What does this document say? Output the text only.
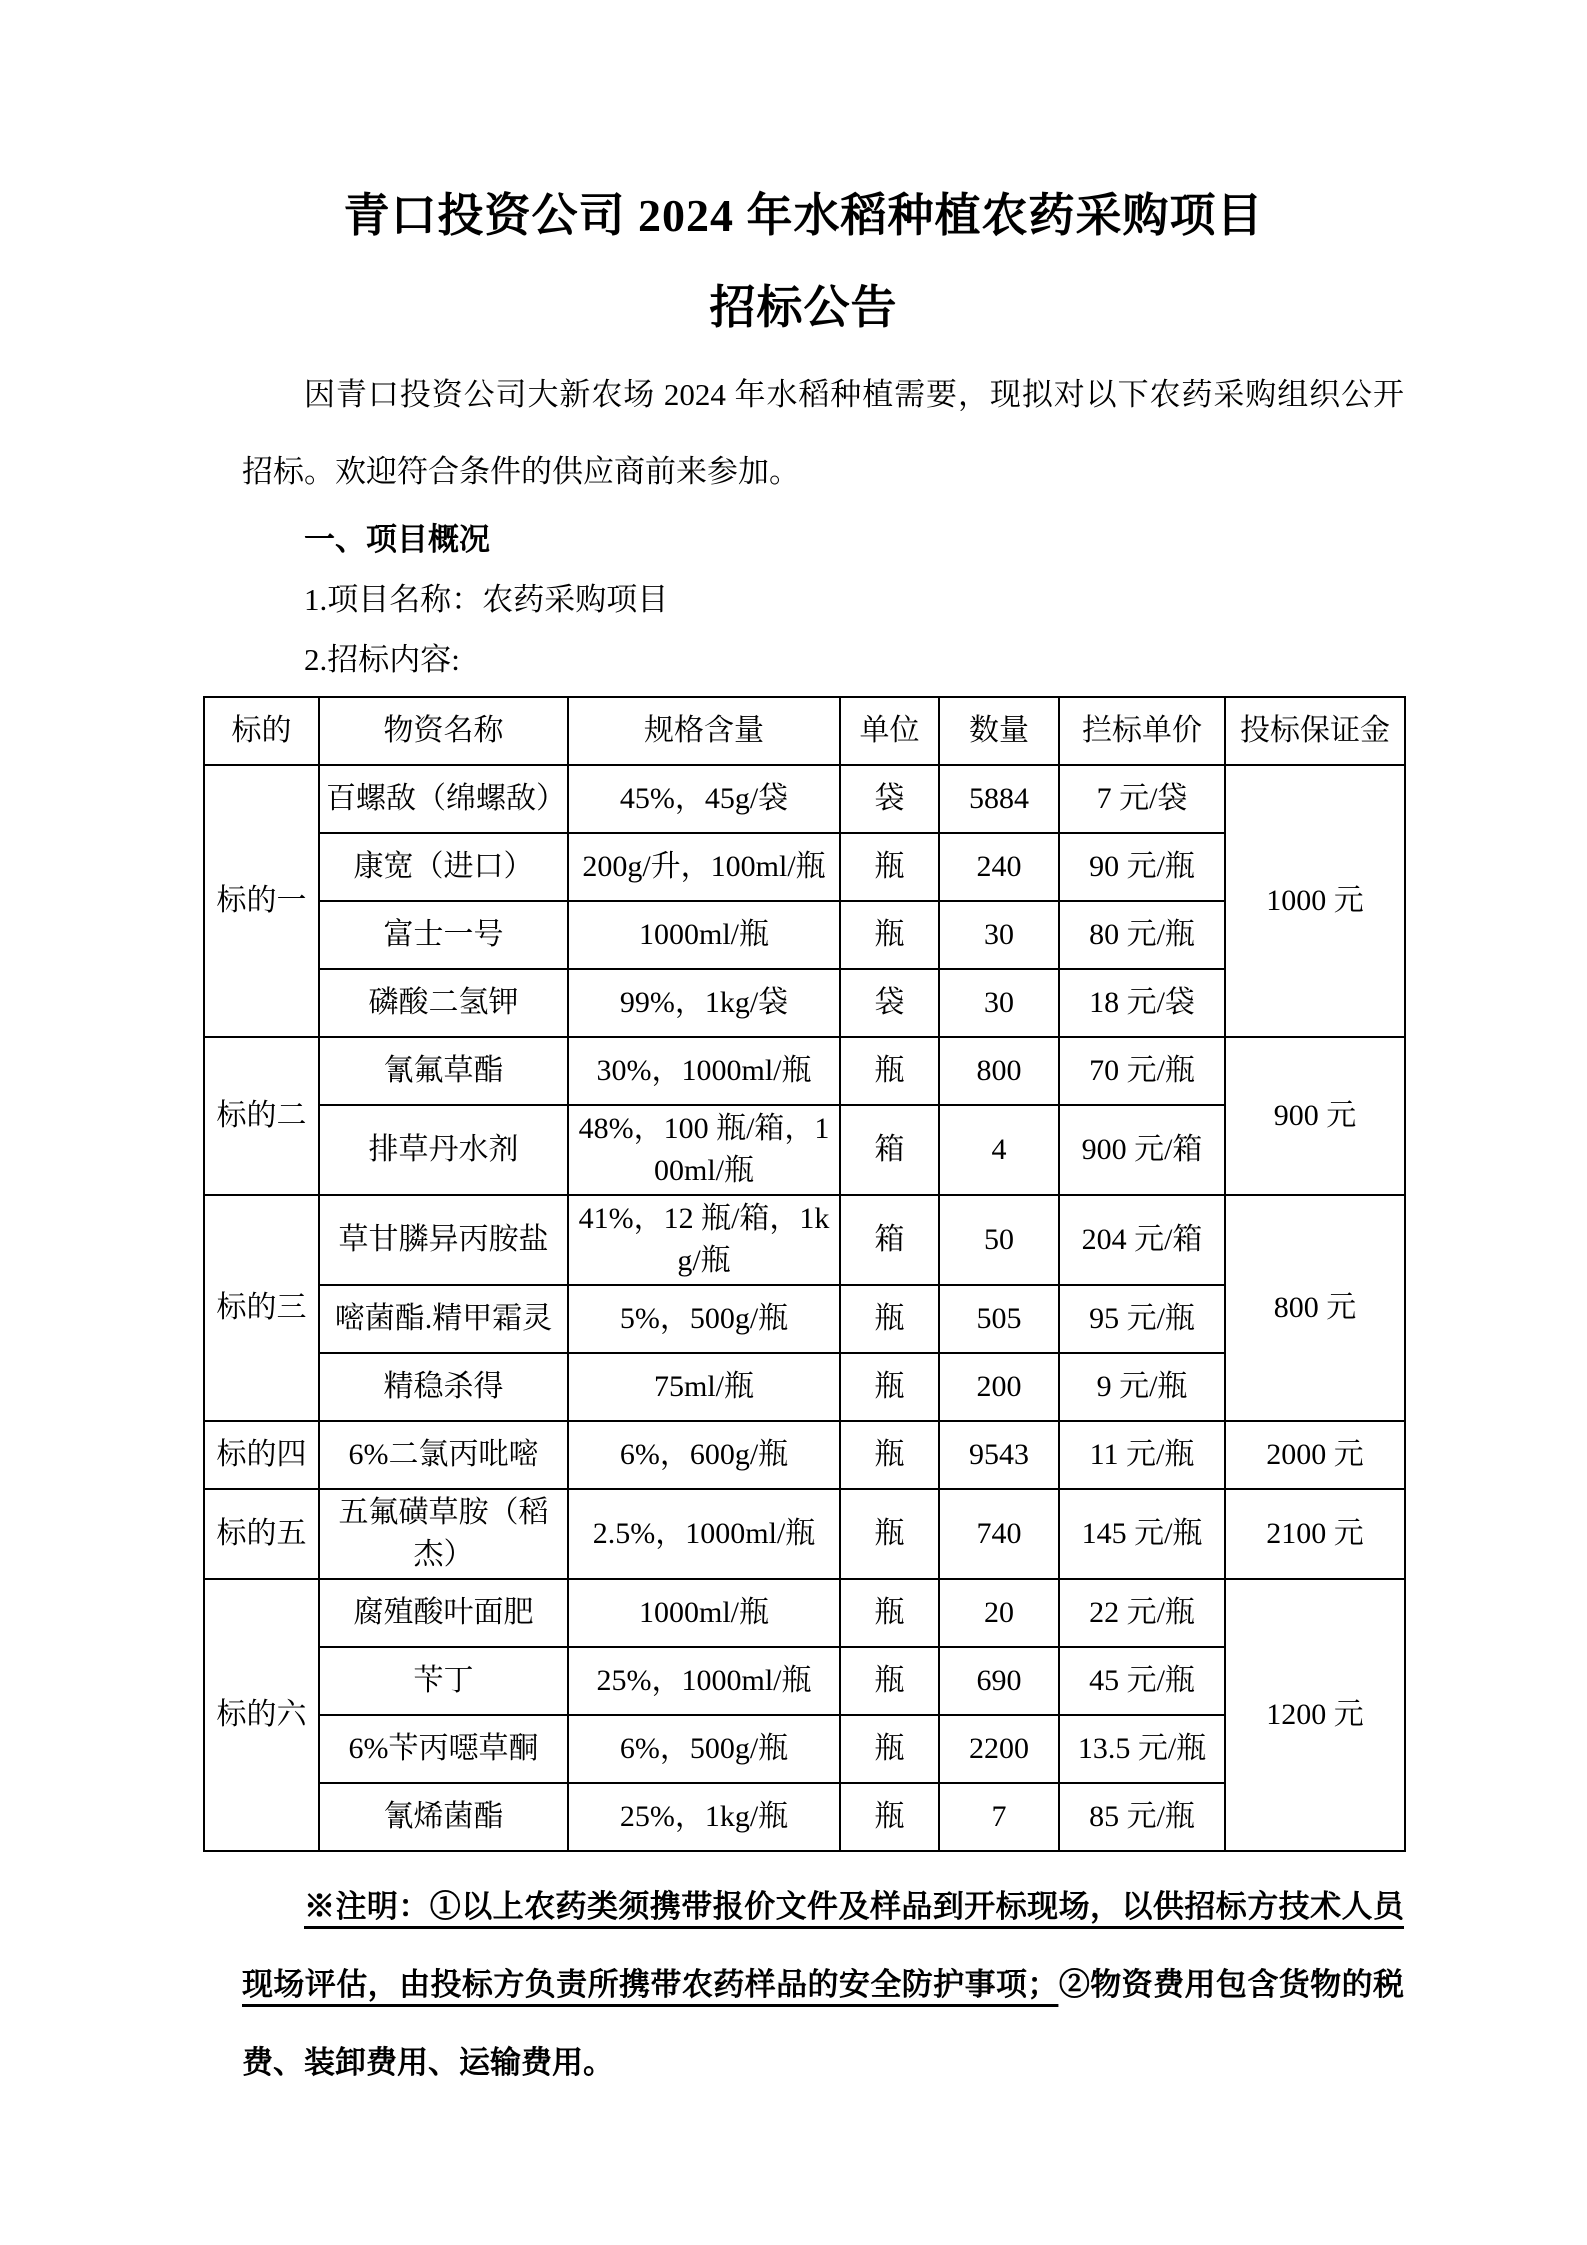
青口投资公司 2024 年水稻种植农药采购项目
招标公告

因青口投资公司大新农场 2024 年水稻种植需要，现拟对以下农药采购组织公开招标。欢迎符合条件的供应商前来参加。

一、项目概况

1.项目名称：农药采购项目

2.招标内容:

标的	物资名称	规格含量	单位	数量	拦标单价	投标保证金
标的一	百螺敌（绵螺敌）	45%，45g/袋	袋	5884	7 元/袋	1000 元
	康宽（进口）	200g/升，100ml/瓶	瓶	240	90 元/瓶	
	富士一号	1000ml/瓶	瓶	30	80 元/瓶	
	磷酸二氢钾	99%，1kg/袋	袋	30	18 元/袋	
标的二	氰氟草酯	30%，1000ml/瓶	瓶	800	70 元/瓶	900 元
	排草丹水剂	48%，100 瓶/箱，100ml/瓶	箱	4	900 元/箱	
标的三	草甘膦异丙胺盐	41%，12 瓶/箱，1kg/瓶	箱	50	204 元/箱	800 元
	嘧菌酯.精甲霜灵	5%，500g/瓶	瓶	505	95 元/瓶	
	精稳杀得	75ml/瓶	瓶	200	9 元/瓶	
标的四	6%二氯丙吡嘧	6%，600g/瓶	瓶	9543	11 元/瓶	2000 元
标的五	五氟磺草胺（稻杰）	2.5%，1000ml/瓶	瓶	740	145 元/瓶	2100 元
标的六	腐殖酸叶面肥	1000ml/瓶	瓶	20	22 元/瓶	1200 元
	苄丁	25%，1000ml/瓶	瓶	690	45 元/瓶	
	6%苄丙噁草酮	6%，500g/瓶	瓶	2200	13.5 元/瓶	
	氰烯菌酯	25%，1kg/瓶	瓶	7	85 元/瓶	

※注明：①以上农药类须携带报价文件及样品到开标现场，以供招标方技术人员现场评估，由投标方负责所携带农药样品的安全防护事项；②物资费用包含货物的税费、装卸费用、运输费用。
